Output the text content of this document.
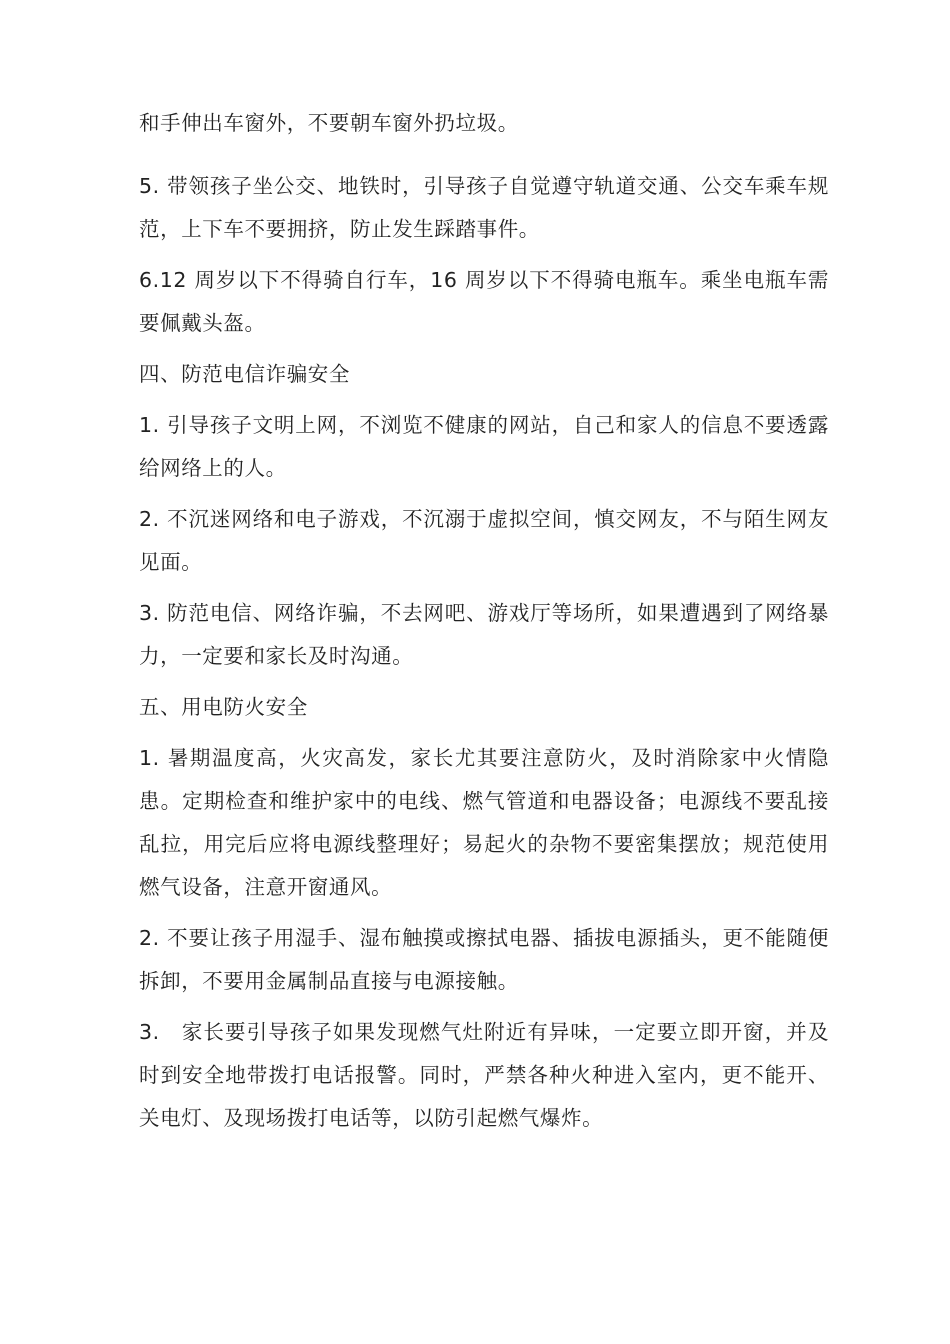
和手伸出车窗外，不要朝车窗外扔垃圾。

5. 带领孩子坐公交、地铁时，引导孩子自觉遵守轨道交通、公交车乘车规范，上下车不要拥挤，防止发生踩踏事件。

6.12 周岁以下不得骑自行车，16 周岁以下不得骑电瓶车。乘坐电瓶车需要佩戴头盔。

四、防范电信诈骗安全

1. 引导孩子文明上网，不浏览不健康的网站，自己和家人的信息不要透露给网络上的人。

2. 不沉迷网络和电子游戏，不沉溺于虚拟空间，慎交网友，不与陌生网友见面。

3. 防范电信、网络诈骗，不去网吧、游戏厅等场所，如果遭遇到了网络暴力，一定要和家长及时沟通。

五、用电防火安全

1. 暑期温度高，火灾高发，家长尤其要注意防火，及时消除家中火情隐患。定期检查和维护家中的电线、燃气管道和电器设备；电源线不要乱接乱拉，用完后应将电源线整理好；易起火的杂物不要密集摆放；规范使用燃气设备，注意开窗通风。

2. 不要让孩子用湿手、湿布触摸或擦拭电器、插拔电源插头，更不能随便拆卸，不要用金属制品直接与电源接触。

3.　家长要引导孩子如果发现燃气灶附近有异味，一定要立即开窗，并及时到安全地带拨打电话报警。同时，严禁各种火种进入室内，更不能开、关电灯、及现场拨打电话等，以防引起燃气爆炸。
